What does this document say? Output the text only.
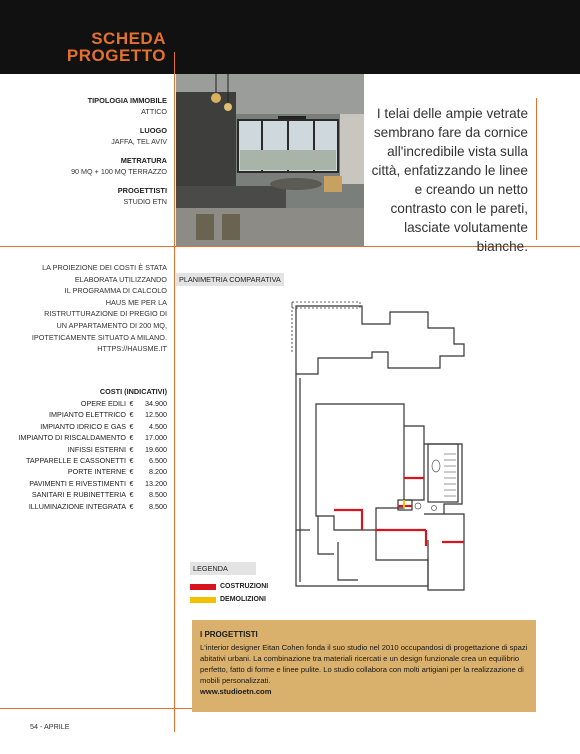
SCHEDA
PROGETTO
I telai delle ampie vetrate sembrano fare da cornice all'incredibile vista sulla città, enfatizzando le linee e creando un netto contrasto con le pareti, lasciate volutamente bianche.
TIPOLOGIA IMMOBILE
ATTICO
LUOGO
JAFFA, TEL AVIV
METRATURA
90 MQ + 100 MQ TERRAZZO
PROGETTISTI
STUDIO ETN
LA PROIEZIONE DEI COSTI È STATA
ELABORATA UTILIZZANDO
IL PROGRAMMA DI CALCOLO
HAUS ME PER LA
RISTRUTTURAZIONE DI PREGIO DI
UN APPARTAMENTO DI 200 MQ,
IPOTETICAMENTE SITUATO A MILANO.
HTTPS://HAUSME.IT
COSTI (INDICATIVI)
OPERE EDILI €	34.900
IMPIANTO ELETTRICO €	12.500
IMPIANTO IDRICO E GAS €	4.500
IMPIANTO DI RISCALDAMENTO €	17.000
INFISSI ESTERNI €	19.600
TAPPARELLE E CASSONETTI €	6.500
PORTE INTERNE €	8.200
PAVIMENTI E RIVESTIMENTI €	13.200
SANITARI E RUBINETTERIA €	8.500
ILLUMINAZIONE INTEGRATA €	8.500
PLANIMETRIA COMPARATIVA
LEGENDA
COSTRUZIONI
DEMOLIZIONI
I PROGETTISTI
L'interior designer Eitan Cohen fonda il suo studio nel 2010 occupandosi di progettazione di spazi abitativi urbani. La combinazione tra materiali ricercati e un design funzionale crea un equilibrio perfetto, fatto di forme e linee pulite. Lo studio collabora con molti artigiani per la realizzazione di mobili personalizzati.
www.studioetn.com
54 - APRILE
